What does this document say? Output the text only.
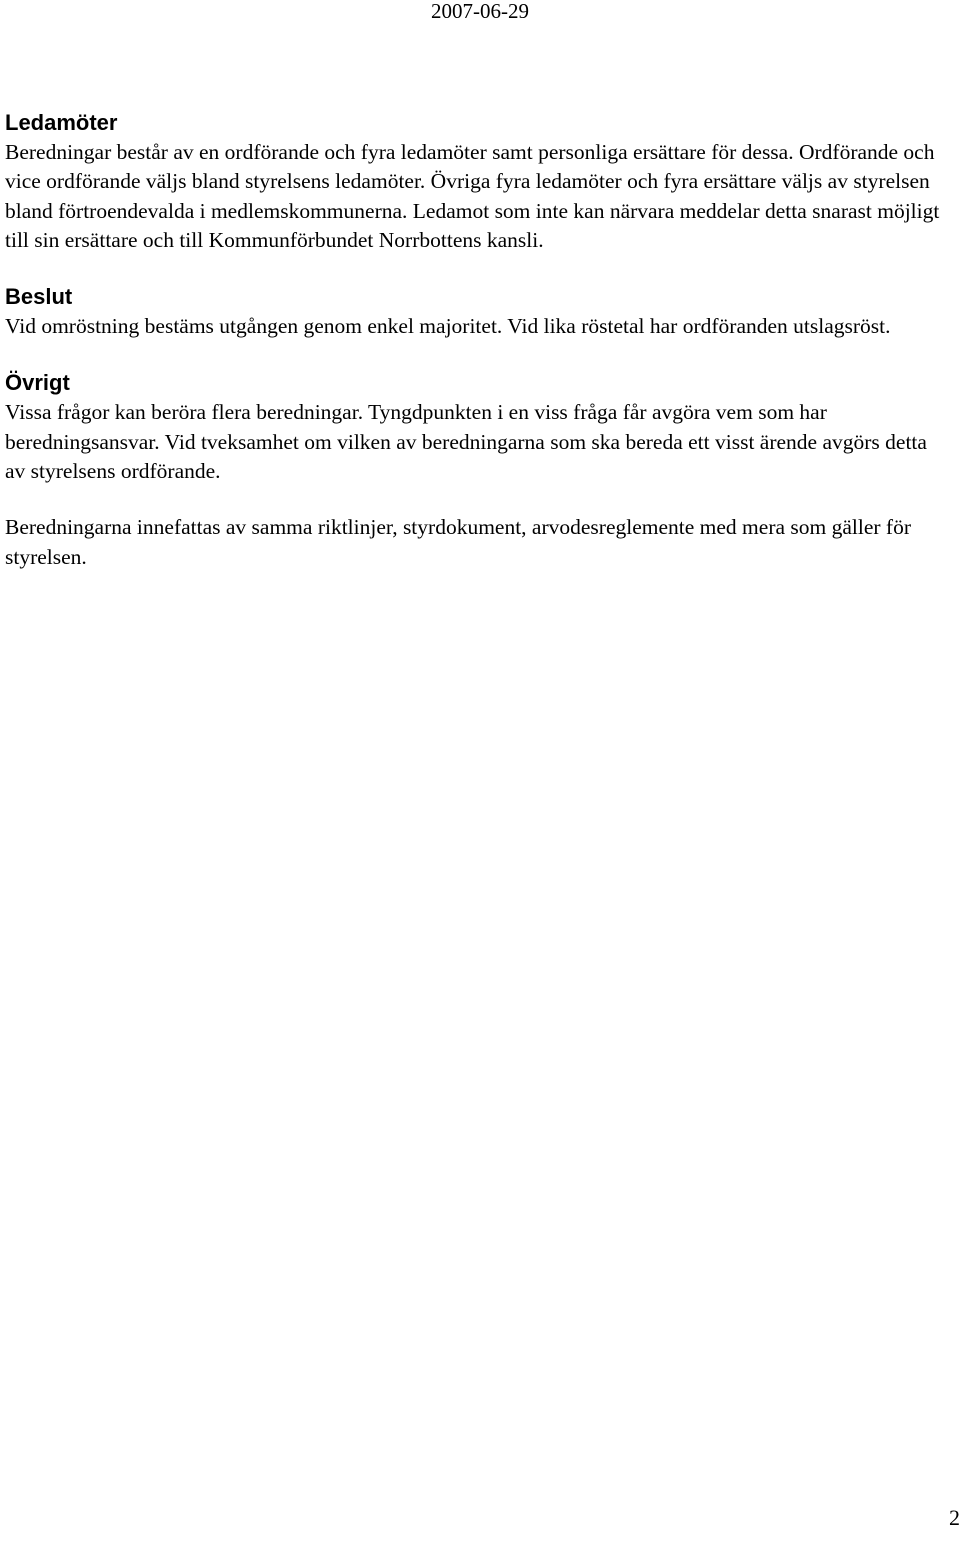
2007-06-29
Ledamöter

Beredningar består av en ordförande och fyra ledamöter samt personliga ersättare för dessa. Ordförande och vice ordförande väljs bland styrelsens ledamöter. Övriga fyra ledamöter och fyra ersättare väljs av styrelsen bland förtroendevalda i medlemskommunerna. Ledamot som inte kan närvara meddelar detta snarast möjligt till sin ersättare och till Kommunförbundet Norrbottens kansli.

Beslut

Vid omröstning bestäms utgången genom enkel majoritet. Vid lika röstetal har ordföranden utslagsröst.

Övrigt

Vissa frågor kan beröra flera beredningar. Tyngdpunkten i en viss fråga får avgöra vem som har beredningsansvar. Vid tveksamhet om vilken av beredningarna som ska bereda ett visst ärende avgörs detta av styrelsens ordförande.

Beredningarna innefattas av samma riktlinjer, styrdokument, arvodesreglemente med mera som gäller för styrelsen.

2
